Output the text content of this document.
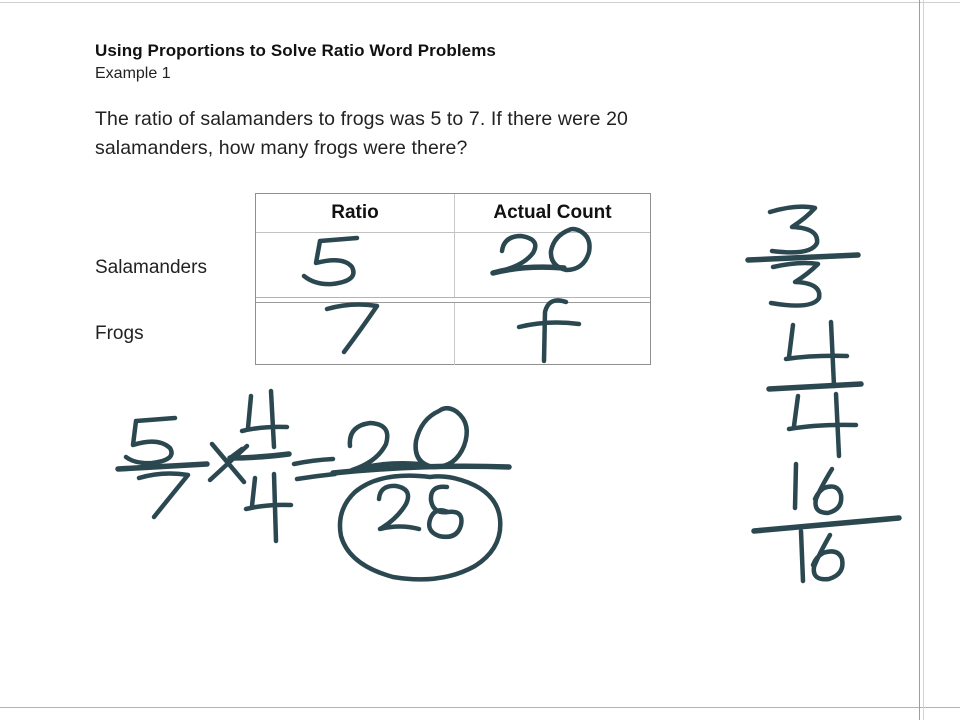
Using Proportions to Solve Ratio Word Problems
Example 1
The ratio of salamanders to frogs was 5 to 7. If there were 20
salamanders, how many frogs were there?
Salamanders
Frogs
Ratio	Actual Count
